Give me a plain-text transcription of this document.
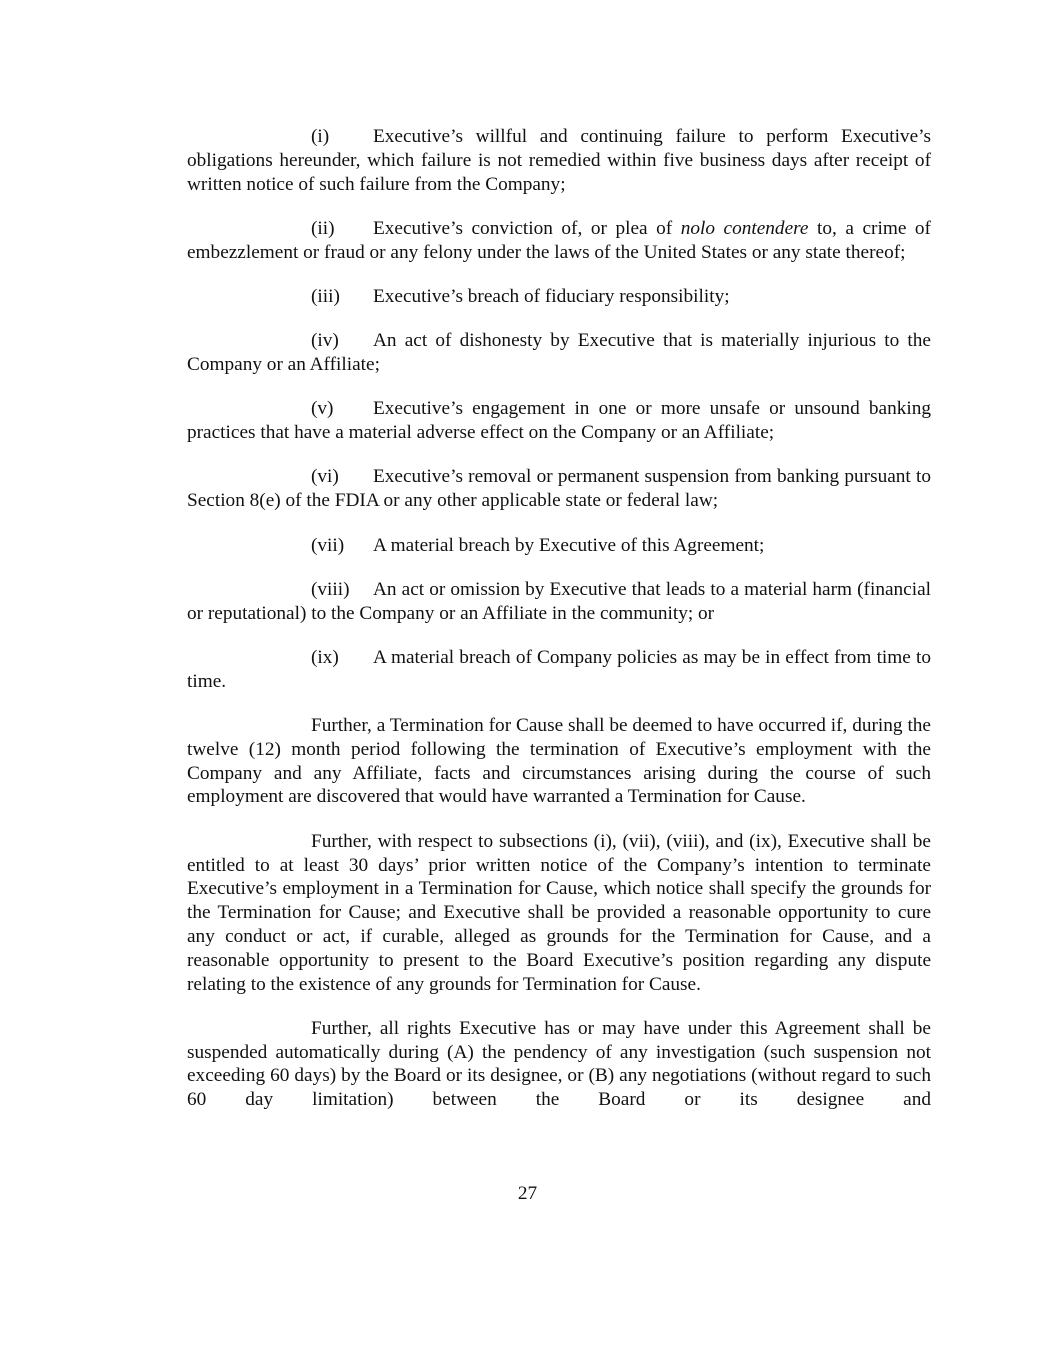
(i) Executive’s willful and continuing failure to perform Executive’s obligations hereunder, which failure is not remedied within five business days after receipt of written notice of such failure from the Company;

(ii) Executive’s conviction of, or plea of nolo contendere to, a crime of embezzlement or fraud or any felony under the laws of the United States or any state thereof;

(iii) Executive’s breach of fiduciary responsibility;

(iv) An act of dishonesty by Executive that is materially injurious to the Company or an Affiliate;

(v) Executive’s engagement in one or more unsafe or unsound banking practices that have a material adverse effect on the Company or an Affiliate;

(vi) Executive’s removal or permanent suspension from banking pursuant to Section 8(e) of the FDIA or any other applicable state or federal law;

(vii) A material breach by Executive of this Agreement;

(viii) An act or omission by Executive that leads to a material harm (financial or reputational) to the Company or an Affiliate in the community; or

(ix) A material breach of Company policies as may be in effect from time to time.

Further, a Termination for Cause shall be deemed to have occurred if, during the twelve (12) month period following the termination of Executive’s employment with the Company and any Affiliate, facts and circumstances arising during the course of such employment are discovered that would have warranted a Termination for Cause.

Further, with respect to subsections (i), (vii), (viii), and (ix), Executive shall be entitled to at least 30 days’ prior written notice of the Company’s intention to terminate Executive’s employment in a Termination for Cause, which notice shall specify the grounds for the Termination for Cause; and Executive shall be provided a reasonable opportunity to cure any conduct or act, if curable, alleged as grounds for the Termination for Cause, and a reasonable opportunity to present to the Board Executive’s position regarding any dispute relating to the existence of any grounds for Termination for Cause.

Further, all rights Executive has or may have under this Agreement shall be suspended automatically during (A) the pendency of any investigation (such suspension not exceeding 60 days) by the Board or its designee, or (B) any negotiations (without regard to such 60 day limitation) between the Board or its designee and

27
